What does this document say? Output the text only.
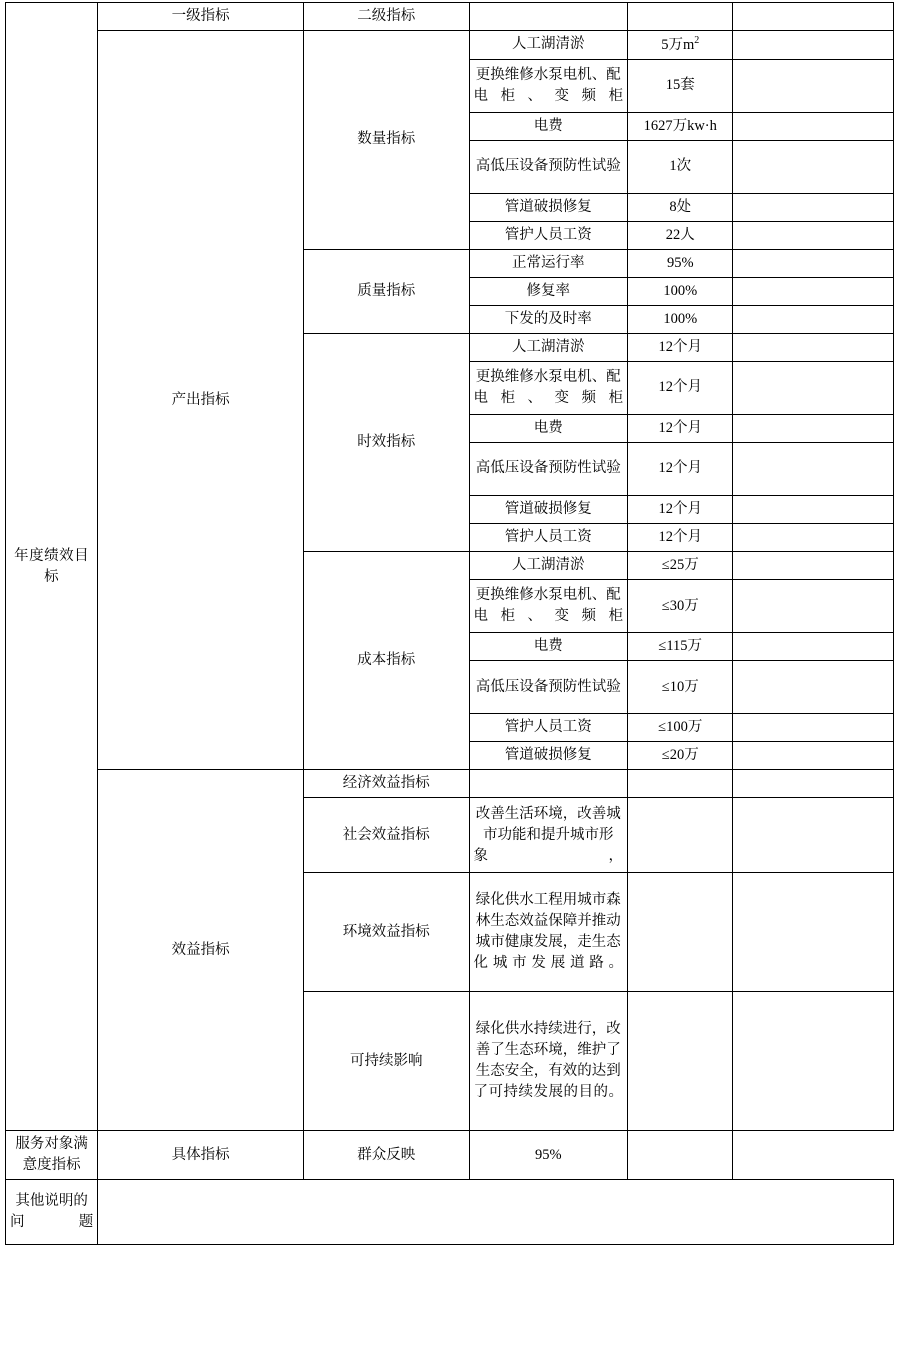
年度绩效目标	一级指标	二级指标			
	产出指标	数量指标	人工湖清淤	5万$m^2$	
			更换维修水泵电机、配电柜、变频柜	15套	
			电费	1627万kw·h	
			高低压设备预防性试验	1次	
			管道破损修复	8处	
			管护人员工资	22人	
		质量指标	正常运行率	95%	
			修复率	100%	
			下发的及时率	100%	
		时效指标	人工湖清淤	12个月	
			更换维修水泵电机、配电柜、变频柜	12个月	
			电费	12个月	
			高低压设备预防性试验	12个月	
			管道破损修复	12个月	
			管护人员工资	12个月	
		成本指标	人工湖清淤	≤25万	
			更换维修水泵电机、配电柜、变频柜	≤30万	
			电费	≤115万	
			高低压设备预防性试验	≤10万	
			管护人员工资	≤100万	
			管道破损修复	≤20万	
	效益指标	经济效益指标			
		社会效益指标	改善生活环境，改善城市功能和提升城市形象，		
		环境效益指标	绿化供水工程用城市森林生态效益保障并推动城市健康发展，走生态化城市发展道路。		
		可持续影响	绿化供水持续进行，改善了生态环境，维护了生态安全，有效的达到了可持续发展的目的。		
服务对象满意度指标	具体指标	群众反映	95%		
其他说明的问题					
